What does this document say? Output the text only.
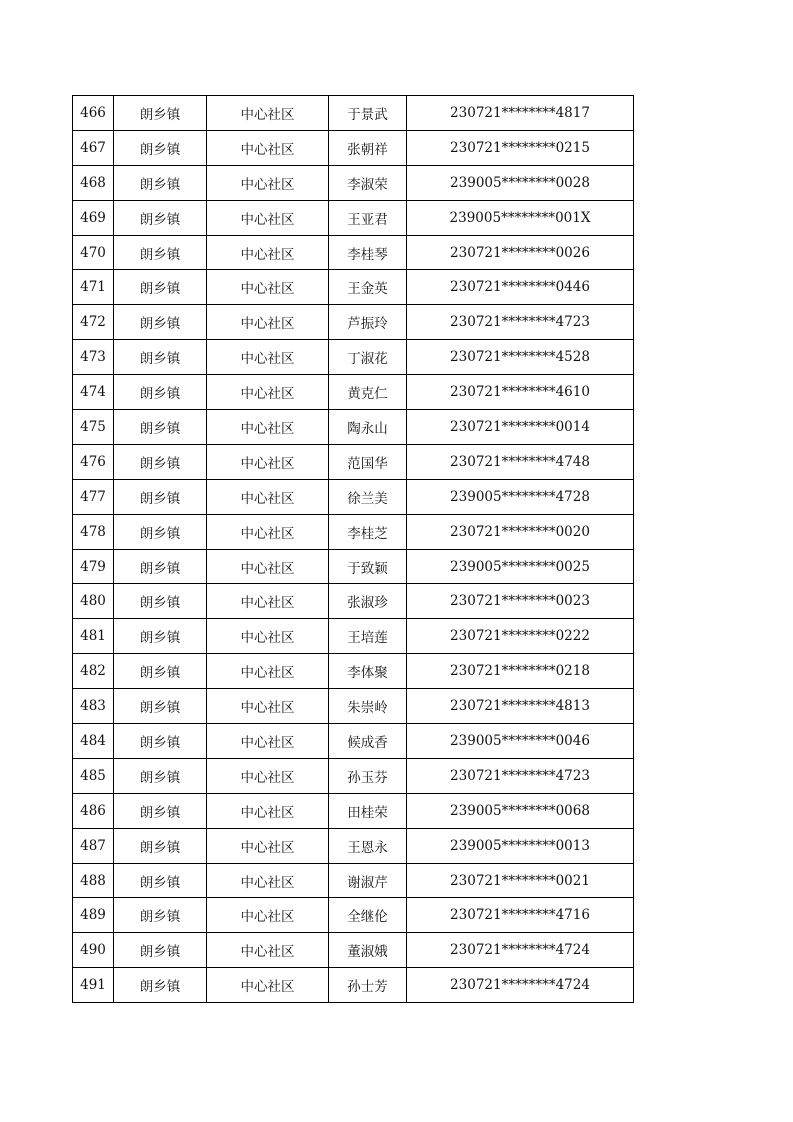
466	朗乡镇	中心社区	于景武	230721********4817
467	朗乡镇	中心社区	张朝祥	230721********0215
468	朗乡镇	中心社区	李淑荣	239005********0028
469	朗乡镇	中心社区	王亚君	239005********001X
470	朗乡镇	中心社区	李桂琴	230721********0026
471	朗乡镇	中心社区	王金英	230721********0446
472	朗乡镇	中心社区	芦振玲	230721********4723
473	朗乡镇	中心社区	丁淑花	230721********4528
474	朗乡镇	中心社区	黄克仁	230721********4610
475	朗乡镇	中心社区	陶永山	230721********0014
476	朗乡镇	中心社区	范国华	230721********4748
477	朗乡镇	中心社区	徐兰美	239005********4728
478	朗乡镇	中心社区	李桂芝	230721********0020
479	朗乡镇	中心社区	于致颖	239005********0025
480	朗乡镇	中心社区	张淑珍	230721********0023
481	朗乡镇	中心社区	王培莲	230721********0222
482	朗乡镇	中心社区	李体聚	230721********0218
483	朗乡镇	中心社区	朱崇岭	230721********4813
484	朗乡镇	中心社区	候成香	239005********0046
485	朗乡镇	中心社区	孙玉芬	230721********4723
486	朗乡镇	中心社区	田桂荣	239005********0068
487	朗乡镇	中心社区	王恩永	239005********0013
488	朗乡镇	中心社区	谢淑芹	230721********0021
489	朗乡镇	中心社区	全继伦	230721********4716
490	朗乡镇	中心社区	董淑娥	230721********4724
491	朗乡镇	中心社区	孙士芳	230721********4724
